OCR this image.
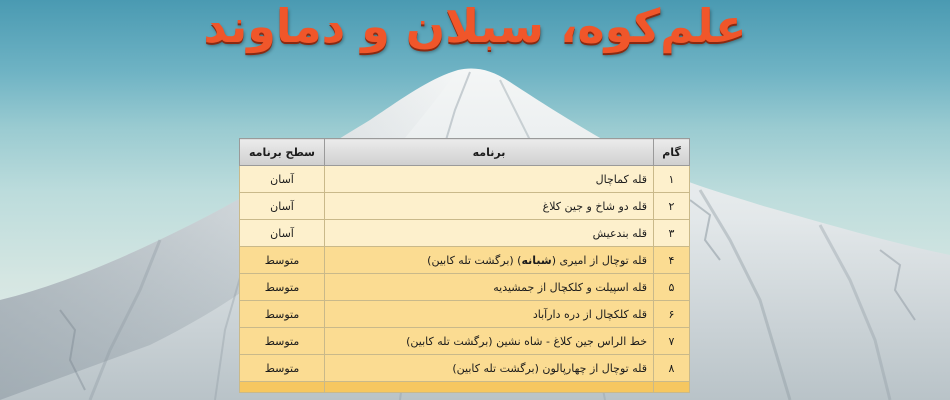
علم‌کوه، سبلان و دماوند
گام	برنامه	سطح برنامه
۱	قله کماچال	آسان
۲	قله دو شاخ و جین کلاغ	آسان
۳	قله بندعیش	آسان
۴	قله توچال از امیری (شبانه) (برگشت تله کابین)	متوسط
۵	قله اسپیلت و کلکچال از جمشیدیه	متوسط
۶	قله کلکچال از دره دارآباد	متوسط
۷	خط الراس جین کلاغ - شاه نشین (برگشت تله کابین)	متوسط
۸	قله توچال از چهارپالون (برگشت تله کابین)	متوسط
